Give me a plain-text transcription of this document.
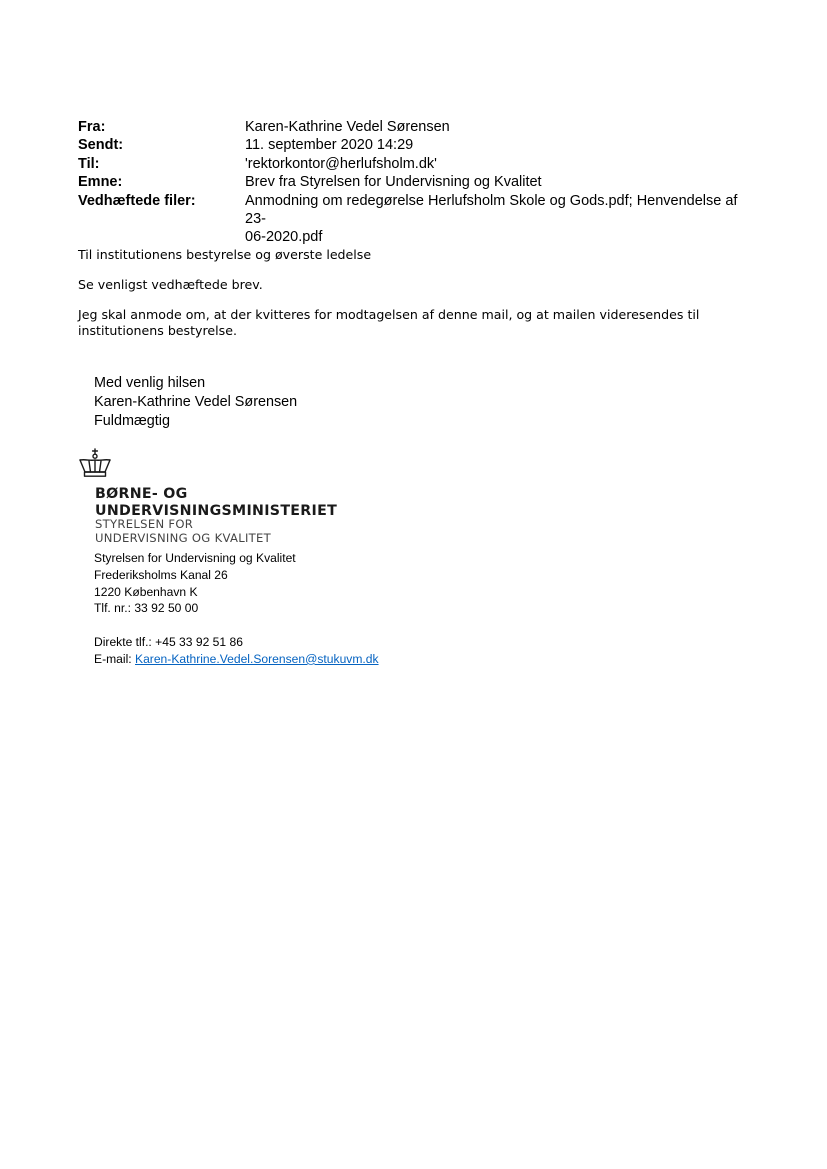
Fra:	Karen-Kathrine Vedel Sørensen
Sendt:	11. september 2020 14:29
Til:	'rektorkontor@herlufsholm.dk'
Emne:	Brev fra Styrelsen for Undervisning og Kvalitet
Vedhæftede filer:	Anmodning om redegørelse Herlufsholm Skole og Gods.pdf; Henvendelse af 23-
06-2020.pdf

Til institutionens bestyrelse og øverste ledelse

Se venligst vedhæftede brev.

Jeg skal anmode om, at der kvitteres for modtagelsen af denne mail, og at mailen videresendes til
institutionens bestyrelse.

Med venlig hilsen
Karen-Kathrine Vedel Sørensen
Fuldmægtig
BØRNE- OG
UNDERVISNINGSMINISTERIET
STYRELSEN FOR
UNDERVISNING OG KVALITET
Styrelsen for Undervisning og Kvalitet
Frederiksholms Kanal 26
1220 København K
Tlf. nr.: 33 92 50 00
Direkte tlf.: +45 33 92 51 86
E-mail: Karen-Kathrine.Vedel.Sorensen@stukuvm.dk
